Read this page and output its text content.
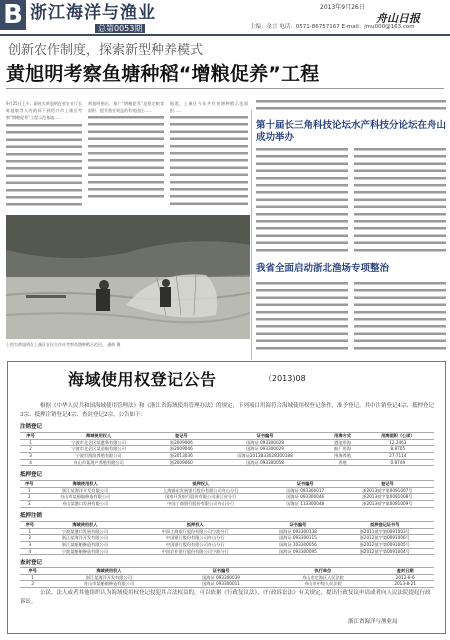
B 浙江海洋与渔业
总第0053期
2013年9月26日
舟山日报
主编：金言 电话：0571-86757167 E-mail：jmu000@163.com
创新农作制度，探索新型种养模式
黄旭明考察鱼塘种稻“增粮促养”工程
9月25日上午，副省长黄旭明在省农业厅长陈越敏等人的陪同下到绍兴市上虞区考察“增粮促养”工程示范基地……
黄旭明指出，推广“增粮促养”是稳定粮食面积、提升渔业效益的有效途径……
据悉，上虞区今年共有鱼塘种稻示范面积……
上图为黄旭明在上虞区农民合作社考察鱼塘种稻示范田。 潘辉 摄
第十届长三角科技论坛水产科技分论坛在舟山成功举办
我省全面启动浙北渔场专项整治
海域使用权登记公告	（2013)08
根据《中华人民共和国海域使用管理法》和《浙江省海域使用管理办法》的规定，下列项目用海符合海域使用权登记条件，准予登记。其中注销登记4宗、抵押登记3宗、抵押注销登记4宗、查封登记2宗。公告如下：
注销登记
序号	海域使用权人	登记号	证书编号	用海方式	用海面积（公顷）
1	宁波市北仑区某港务有限公司	浙2009006	国海证 093300028	港池用海	12.2463
2	宁波市北仑区某造船有限公司	浙2009046	国海证 093300029	船厂用海	8.8705
3	宁波市海滨养殖有限公司	浙2013036	国海证2013B33028300188	围海养殖	27.7114
4	舟山市某海产养殖有限公司	浙2009060	国海证 093300058	养殖	0.8749
抵押登记
序号	海域使用权人	抵押权人	证书编号	登记号
1	浙江某海洋开发有限公司	上海浦东发展银行股份有限公司舟山分行	国海证 093300017	浙2013抵字第0091007号
2	舟山市某船舶修造有限公司	国家开发银行股份有限公司浙江省分行	国海证 093300046	浙2013抵字第0091008号
3	舟山某港口发展有限公司	中国工商银行股份有限公司舟山分行	国海证 113300048	浙2013抵字第0091009号
抵押注销
序号	海域使用权人	抵押权人	证书编号	抵押登记证书号
1	宁波某港口发展有限公司	中国工商银行股份有限公司宁波分行	国海证 093300138	浙2011抵字第0091003号
2	浙江某海洋开发有限公司	中国银行股份有限公司舟山分行	国海证 093300115	浙2012抵字第0091006号
3	浙江某船舶修造有限公司	中国银行股份有限公司舟山分行	国海证 103300056	浙2012抵字第0091005号
4	宁波某船舶修造有限公司	中国农业银行股份有限公司宁波分行	国海证 093300095	浙2012抵字第0091004号
查封登记
序号	海域使用权人	证书编号	执行单位	查封日期
1	浙江某海洋开发有限公司	国海证 093300039	舟山市定海区人民法院	2013-8-6
2	舟山市某船舶修造有限公司	国海证 093300011	舟山市中级人民法院	2013-8-21
公民、法人或者其他组织认为海域使用权登记侵犯其合法权益的，可以依据《行政复议法》、《行政诉讼法》有关规定，提出行政复议申请或者向人民法院提起行政诉讼。
浙江省海洋与渔业局
